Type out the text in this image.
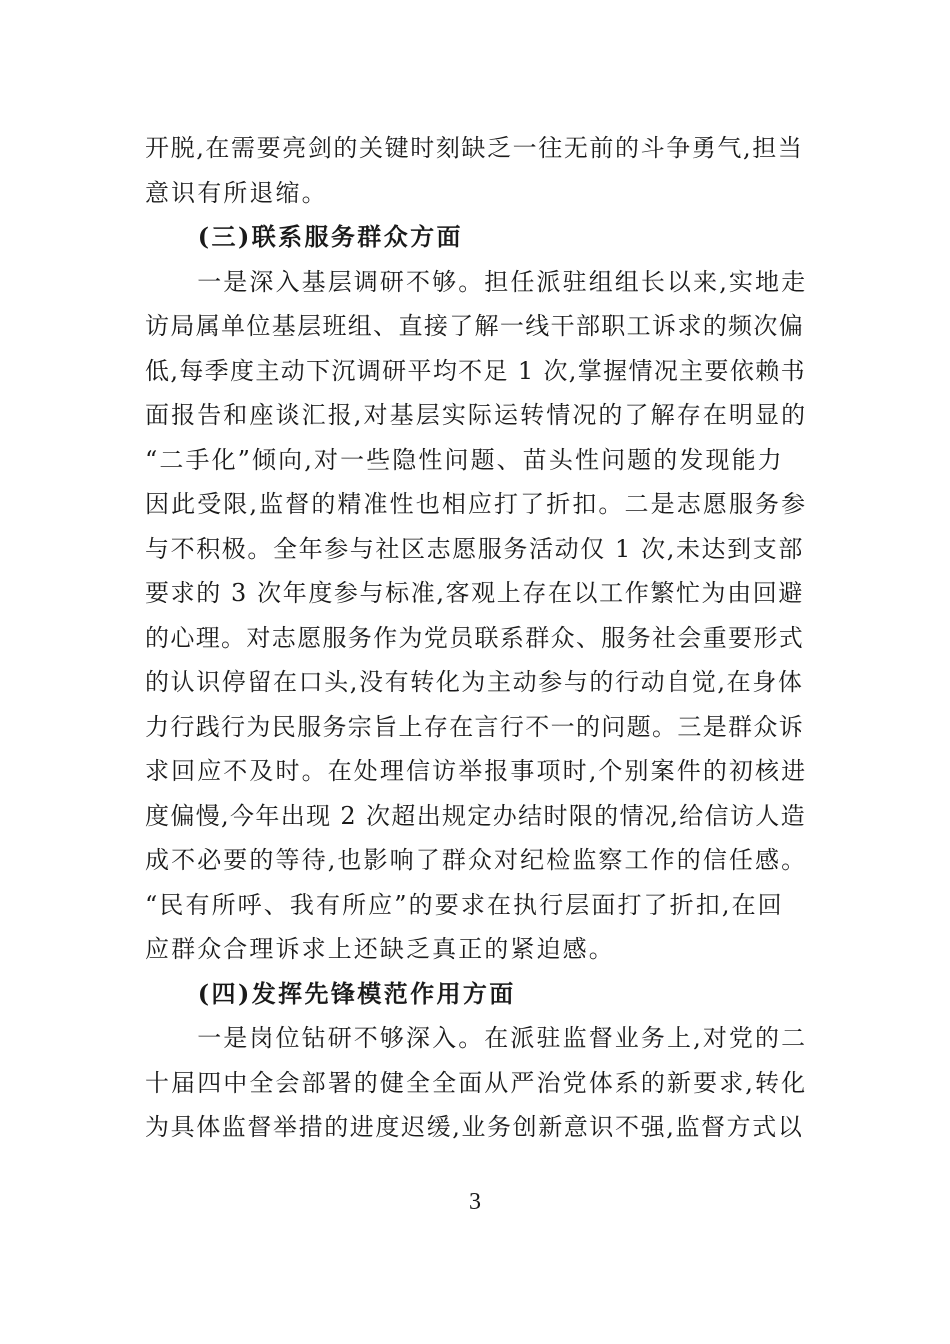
开脱,在需要亮剑的关键时刻缺乏一往无前的斗争勇气,担当
意识有所退缩。
　　(三)联系服务群众方面
　　一是深入基层调研不够。担任派驻组组长以来,实地走
访局属单位基层班组、直接了解一线干部职工诉求的频次偏
低,每季度主动下沉调研平均不足 1 次,掌握情况主要依赖书
面报告和座谈汇报,对基层实际运转情况的了解存在明显的
“二手化”倾向,对一些隐性问题、苗头性问题的发现能力
因此受限,监督的精准性也相应打了折扣。二是志愿服务参
与不积极。全年参与社区志愿服务活动仅 1 次,未达到支部
要求的 3 次年度参与标准,客观上存在以工作繁忙为由回避
的心理。对志愿服务作为党员联系群众、服务社会重要形式
的认识停留在口头,没有转化为主动参与的行动自觉,在身体
力行践行为民服务宗旨上存在言行不一的问题。三是群众诉
求回应不及时。在处理信访举报事项时,个别案件的初核进
度偏慢,今年出现 2 次超出规定办结时限的情况,给信访人造
成不必要的等待,也影响了群众对纪检监察工作的信任感。
“民有所呼、我有所应”的要求在执行层面打了折扣,在回
应群众合理诉求上还缺乏真正的紧迫感。
　　(四)发挥先锋模范作用方面
　　一是岗位钻研不够深入。在派驻监督业务上,对党的二
十届四中全会部署的健全全面从严治党体系的新要求,转化
为具体监督举措的进度迟缓,业务创新意识不强,监督方式以
3
